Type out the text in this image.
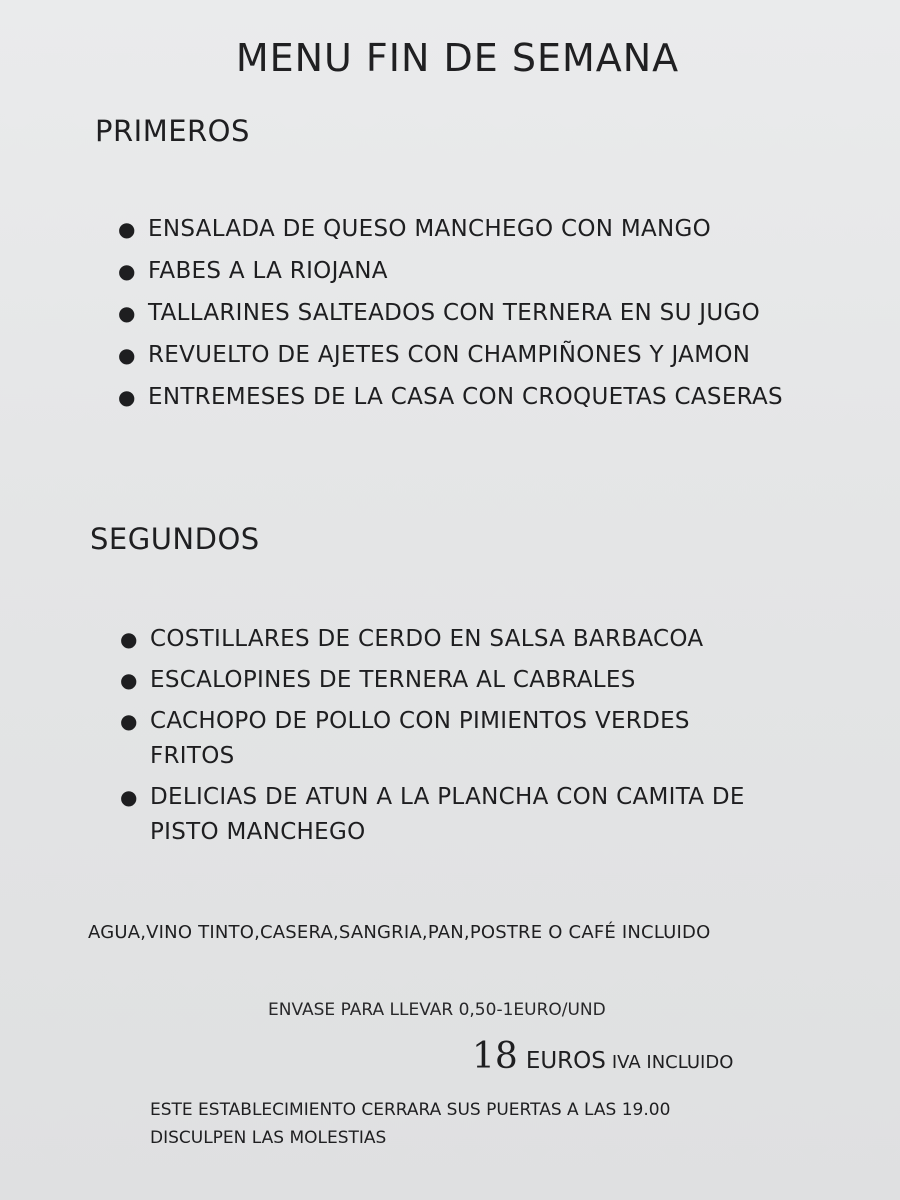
MENU FIN DE SEMANA
PRIMEROS
● ENSALADA DE QUESO MANCHEGO CON MANGO
● FABES A LA RIOJANA
● TALLARINES SALTEADOS CON TERNERA EN SU JUGO
● REVUELTO DE AJETES CON CHAMPIÑONES Y JAMON
● ENTREMESES DE LA CASA CON CROQUETAS CASERAS
SEGUNDOS
● COSTILLARES DE CERDO EN SALSA BARBACOA
● ESCALOPINES DE TERNERA AL CABRALES
● CACHOPO DE POLLO CON PIMIENTOS VERDES FRITOS
● DELICIAS DE ATUN A LA PLANCHA CON CAMITA DE PISTO MANCHEGO
AGUA,VINO TINTO,CASERA,SANGRIA,PAN,POSTRE O CAFÉ INCLUIDO
ENVASE PARA LLEVAR 0,50-1EURO/UND
18 EUROS IVA INCLUIDO
ESTE ESTABLECIMIENTO CERRARA SUS PUERTAS A LAS 19.00
DISCULPEN LAS MOLESTIAS
